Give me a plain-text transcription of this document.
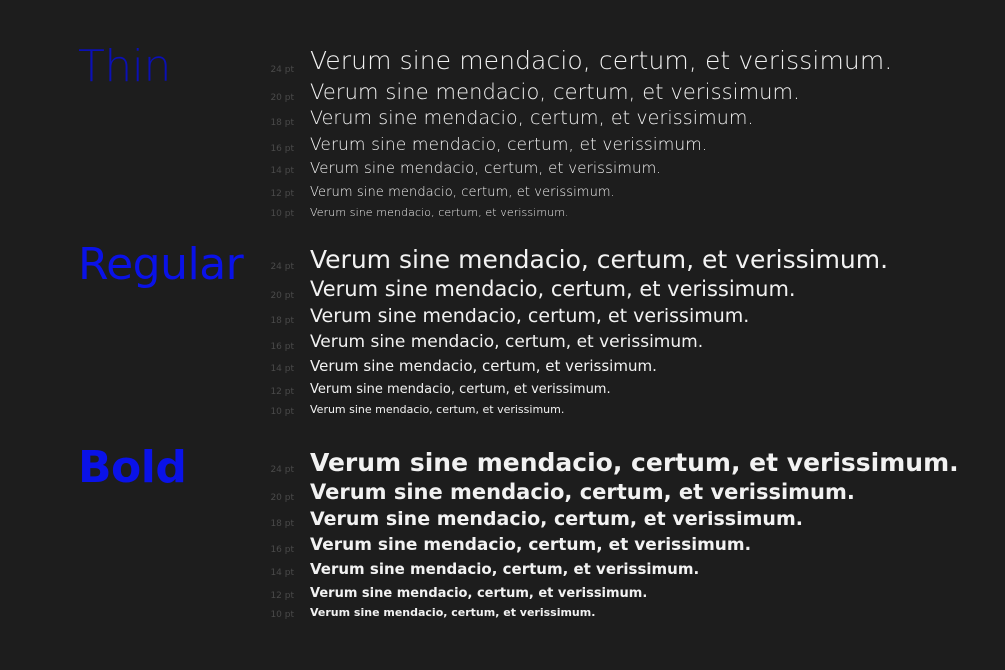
Thin	24 pt Verum sine mendacio, certum, et verissimum.
20 pt Verum sine mendacio, certum, et verissimum.
18 pt Verum sine mendacio, certum, et verissimum.
16 pt Verum sine mendacio, certum, et verissimum.
14 pt Verum sine mendacio, certum, et verissimum.
12 pt Verum sine mendacio, certum, et verissimum.
10 pt Verum sine mendacio, certum, et verissimum.
Regular	24 pt Verum sine mendacio, certum, et verissimum.
20 pt Verum sine mendacio, certum, et verissimum.
18 pt Verum sine mendacio, certum, et verissimum.
16 pt Verum sine mendacio, certum, et verissimum.
14 pt Verum sine mendacio, certum, et verissimum.
12 pt Verum sine mendacio, certum, et verissimum.
10 pt Verum sine mendacio, certum, et verissimum.
Bold	24 pt Verum sine mendacio, certum, et verissimum.
20 pt Verum sine mendacio, certum, et verissimum.
18 pt Verum sine mendacio, certum, et verissimum.
16 pt Verum sine mendacio, certum, et verissimum.
14 pt Verum sine mendacio, certum, et verissimum.
12 pt Verum sine mendacio, certum, et verissimum.
10 pt Verum sine mendacio, certum, et verissimum.
